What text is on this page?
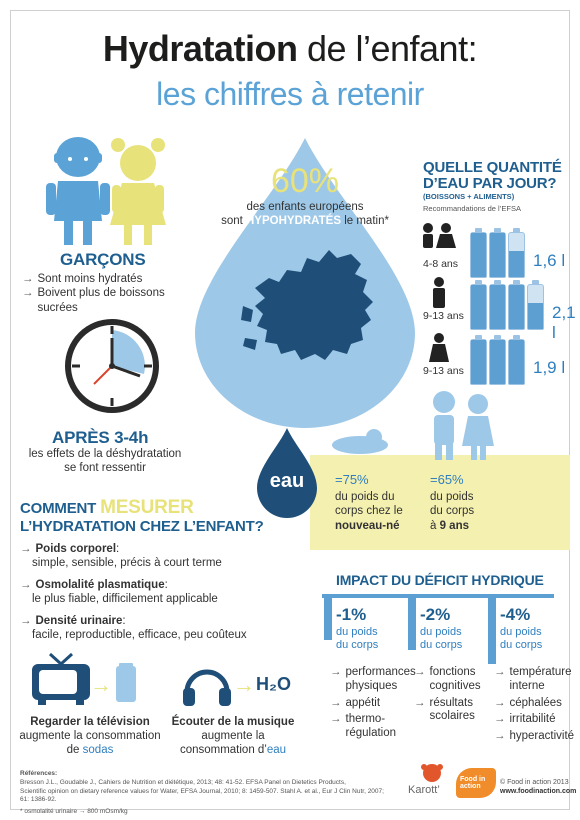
Hydratation de l’enfant:
les chiffres à retenir
GARÇONS
→ Sont moins hydratés
→ Boivent plus de boissons sucrées
APRÈS 3-4h
les effets de la déshydratation
se font ressentir
60%
des enfants européens
sont HYPOHYDRATÉS le matin*
QUELLE QUANTITÉ
D’EAU PAR JOUR?
(BOISSONS + ALIMENTS)
Recommandations de l’EFSA
4-8 ans	1,6 l
9-13 ans	2,1 l
9-13 ans	1,9 l
eau	=75%
du poids du
corps chez le
nouveau-né
=65%
du poids
du corps
à 9 ans
COMMENT MESURER
L’HYDRATATION CHEZ L’ENFANT?
→ Poids corporel:
simple, sensible, précis à court terme
→ Osmolalité plasmatique:
le plus fiable, difficilement applicable
→ Densité urinaire:
facile, reproductible, efficace, peu coûteux
IMPACT DU DÉFICIT HYDRIQUE
-1%
du poids
du corps
→ performances physiques
→ appétit
→ thermo-régulation
-2%
du poids
du corps
→ fonctions cognitives
→ résultats scolaires
-4%
du poids
du corps
→ température interne
→ céphalées
→ irritabilité
→ hyperactivité
→
Regarder la télévision
augmente la consommation
de sodas
→ H₂O
Écouter de la musique
augmente la
consommation d’eau
Références:
Bresson J.L., Goudable J., Cahiers de Nutrition et diététique, 2013; 48: 41-52. EFSA Panel on Dietetics Products,
Scientific opinion on dietary reference values for Water, EFSA Journal, 2010; 8: 1459-507. Stahl A. et al., Eur J Clin Nutr, 2007; 61: 1386-92.
* osmolalité urinaire → 800 mOsm/kg
Karott’
Food in action
© Food in action 2013
www.foodinaction.com
